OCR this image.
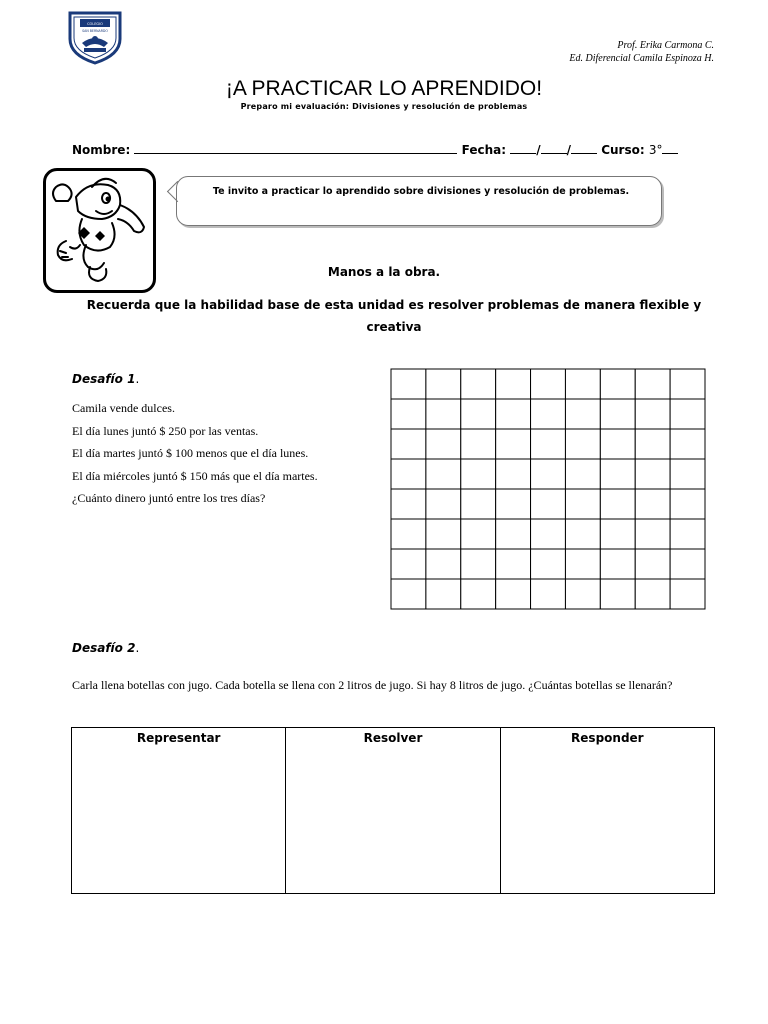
COLEGIO
SAN BERNARDO
Prof. Erika Carmona C.
Ed. Diferencial Camila Espinoza H.
¡A PRACTICAR LO APRENDIDO!
Preparo mi evaluación: Divisiones y resolución de problemas
Nombre:	Fecha:	/ /	Curso: 3°
Te invito a practicar lo aprendido sobre divisiones y resolución de problemas.
Manos a la obra.
Recuerda que la habilidad base de esta unidad es resolver problemas de manera flexible y creativa
Desafío 1.
Camila vende dulces.
El día lunes juntó $ 250 por las ventas.
El día martes juntó $ 100 menos que el día lunes.
El día miércoles juntó $ 150 más que el día martes.
¿Cuánto dinero juntó entre los tres días?
Desafío 2.
Carla llena botellas con jugo. Cada botella se llena con 2 litros de jugo. Si hay 8 litros de jugo. ¿Cuántas botellas se llenarán?
Representar	Resolver	Responder
